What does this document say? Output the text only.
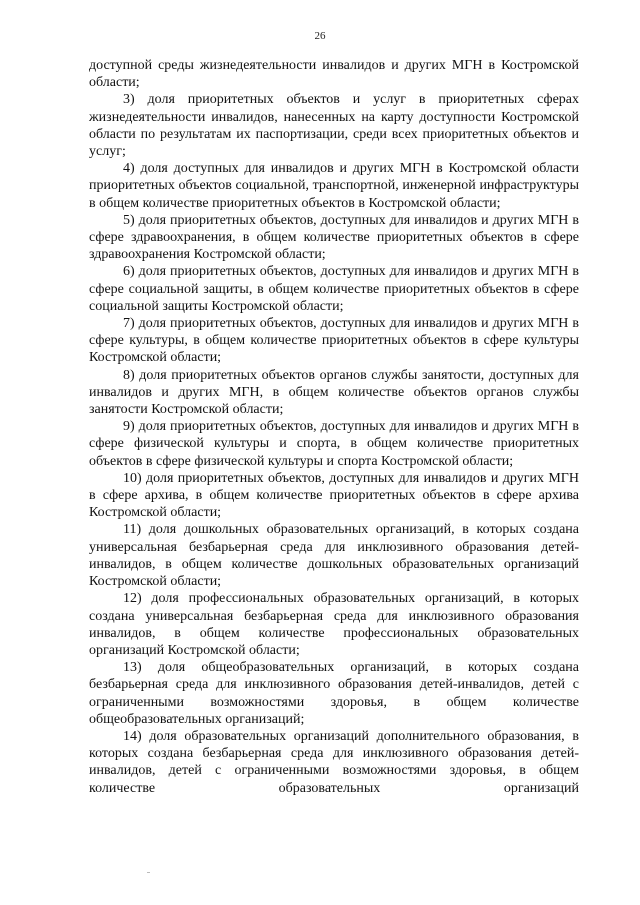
26

доступной среды жизнедеятельности инвалидов и других МГН в Костромской области;

3) доля приоритетных объектов и услуг в приоритетных сферах жизнедеятельности инвалидов, нанесенных на карту доступности Костромской области по результатам их паспортизации, среди всех приоритетных объектов и услуг;

4) доля доступных для инвалидов и других МГН в Костромской области приоритетных объектов социальной, транспортной, инженерной инфраструктуры в общем количестве приоритетных объектов в Костромской области;

5) доля приоритетных объектов, доступных для инвалидов и других МГН в сфере здравоохранения, в общем количестве приоритетных объектов в сфере здравоохранения Костромской области;

6) доля приоритетных объектов, доступных для инвалидов и других МГН в сфере социальной защиты, в общем количестве приоритетных объектов в сфере социальной защиты Костромской области;

7) доля приоритетных объектов, доступных для инвалидов и других МГН в сфере культуры, в общем количестве приоритетных объектов в сфере культуры Костромской области;

8) доля приоритетных объектов органов службы занятости, доступных для инвалидов и других МГН, в общем количестве объектов органов службы занятости Костромской области;

9) доля приоритетных объектов, доступных для инвалидов и других МГН в сфере физической культуры и спорта, в общем количестве приоритетных объектов в сфере физической культуры и спорта Костромской области;

10) доля приоритетных объектов, доступных для инвалидов и других МГН в сфере архива, в общем количестве приоритетных объектов в сфере архива Костромской области;

11) доля дошкольных образовательных организаций, в которых создана универсальная безбарьерная среда для инклюзивного образования детей-инвалидов, в общем количестве дошкольных образовательных организаций Костромской области;

12) доля профессиональных образовательных организаций, в которых создана универсальная безбарьерная среда для инклюзивного образования инвалидов, в общем количестве профессиональных образовательных организаций Костромской области;

13) доля общеобразовательных организаций, в которых создана безбарьерная среда для инклюзивного образования детей-инвалидов, детей с ограниченными возможностями здоровья, в общем количестве общеобразовательных организаций;

14) доля образовательных организаций дополнительного образования, в которых создана безбарьерная среда для инклюзивного образования детей-инвалидов, детей с ограниченными возможностями здоровья, в общем количестве образовательных организаций
